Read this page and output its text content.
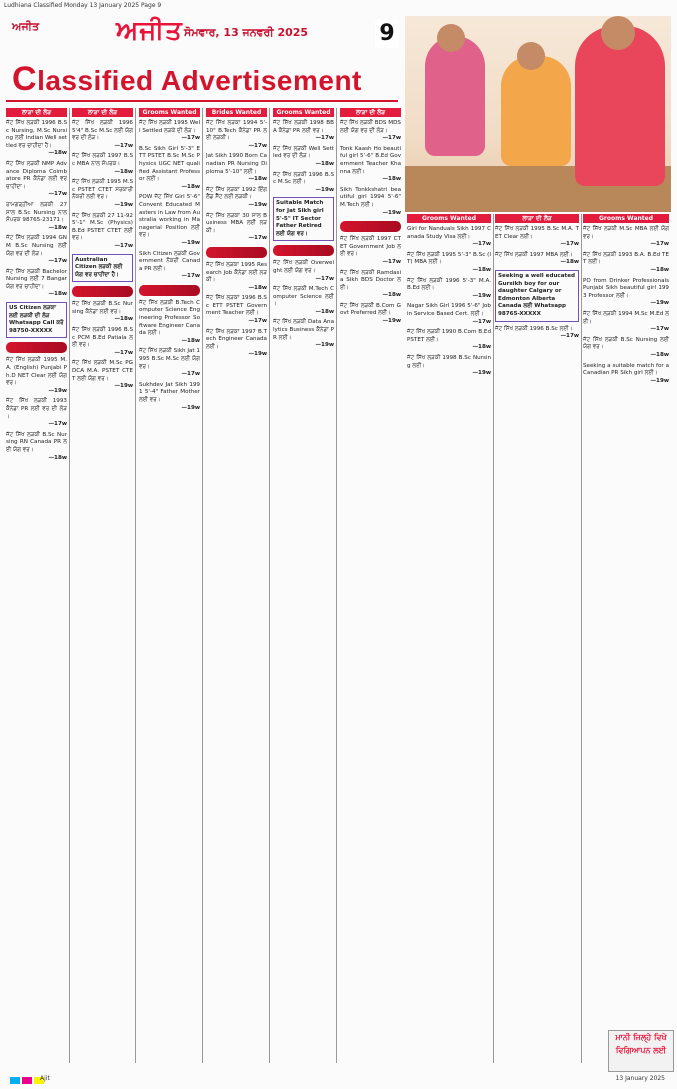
Ludhiana Classified Monday 13 January 2025 Page 9
ਅਜੀਤ	ਅਜੀਤ ਸੋਮਵਾਰ, 13 ਜਨਵਰੀ 2025	9
Classified Advertisement
ਲਾੜਾ ਦੀ ਲੋੜ
ਜੱਟ ਸਿੱਖ ਲੜਕੀ 1996 B.Sc Nursing, M.Sc Nursing ਲਈ Indian Well settled ਵਰ ਚਾਹੀਦਾ ਹੈ।
—18w
ਜੱਟ ਸਿੱਖ ਲੜਕੀ NMP Advance Diploma Coimbatore PR ਕੈਨੇਡਾ ਲਈ ਵਰ ਚਾਹੀਦਾ।
—17w
ਰਾਮਗੜ੍ਹੀਆ ਲੜਕੀ 27 ਸਾਲ B.Sc Nursing ਨਾਲ ਸੰਪਰਕ 98765-23171।
—18w
ਜੱਟ ਸਿੱਖ ਲੜਕੀ 1994 GNM B.Sc Nursing ਲਈ ਯੋਗ ਵਰ ਦੀ ਲੋੜ।
—17w
ਜੱਟ ਸਿੱਖ ਲੜਕੀ Bachelor Nursing ਲਈ 7 Bangar ਯੋਗ ਵਰ ਚਾਹੀਦਾ।
—18w
US Citizen ਲੜਕਾ ਲਈ ਲੜਕੀ ਦੀ ਲੋੜ Whatsapp Call ਕਰੋ 98750-XXXXX
ਜੱਟ ਸਿੱਖ ਲੜਕੀ 1995 M.A. (English) Punjabi Ph.D NET Clear ਲਈ ਯੋਗ ਵਰ।
—19w
ਜੱਟ ਸਿੱਖ ਲੜਕੀ 1993 ਕੈਨੇਡਾ PR ਲਈ ਵਰ ਦੀ ਲੋੜ।
—17w
ਜੱਟ ਸਿੱਖ ਲੜਕੀ B.Sc Nursing RN Canada PR ਲਈ ਯੋਗ ਵਰ।
—18w
ਲਾੜਾ ਦੀ ਲੋੜ
ਜੱਟ ਸਿੱਖ ਲੜਕੀ 1996 5'4" B.Sc M.Sc ਲਈ ਯੋਗ ਵਰ ਦੀ ਲੋੜ।
—17w
ਜੱਟ ਸਿੱਖ ਲੜਕੀ 1997 B.Sc MBA ਨਾਲ ਸੰਪਰਕ।
—18w
ਜੱਟ ਸਿੱਖ ਲੜਕੀ 1995 M.Sc PSTET CTET ਸਰਕਾਰੀ ਨੌਕਰੀ ਲਈ ਵਰ।
—19w
ਜੱਟ ਸਿੱਖ ਲੜਕੀ 27 11-92 5'-1" M.Sc (Physics) B.Ed PSTET CTET ਲਈ ਵਰ।
—17w
Australian Citizen ਲੜਕੀ ਲਈ ਯੋਗ ਵਰ ਚਾਹੀਦਾ ਹੈ।
ਜੱਟ ਸਿੱਖ ਲੜਕੀ B.Sc Nursing ਕੈਨੇਡਾ ਲਈ ਵਰ।
—18w
ਜੱਟ ਸਿੱਖ ਲੜਕੀ 1996 B.Sc PCM B.Ed Patiala ਲਈ ਵਰ।
—17w
ਜੱਟ ਸਿੱਖ ਲੜਕੀ M.Sc PGDCA M.A. PSTET CTET ਲਈ ਯੋਗ ਵਰ।
—19w
Grooms Wanted
ਜੱਟ ਸਿੱਖ ਲੜਕੀ 1995 Well Settled ਲੜਕੇ ਦੀ ਲੋੜ।
—17w
B.Sc Sikh Girl 5'-3" ETT PSTET B.Sc M.Sc Physics UGC NET qualified Assistant Professor ਲਈ।
—18w
POW ਜੱਟ ਸਿੱਖ Girl 5'-6" Convent Educated Masters in Law from Australia working in Managerial Position ਲਈ ਵਰ।
—19w
Sikh Citizen ਲੜਕੀ Government ਨੌਕਰੀ Canada PR ਲਈ।
—17w
ਜੱਟ ਸਿੱਖ ਲੜਕੀ B.Tech Computer Science Engineering Professor Software Engineer Canada ਲਈ।
—18w
ਜੱਟ ਸਿੱਖ ਲੜਕੀ Sikh Jat 1995 B.Sc M.Sc ਲਈ ਯੋਗ ਵਰ।
—17w
Sukhdev Jat Sikh 1991 5'-4" Father Mother ਲਈ ਵਰ।
—19w
Brides Wanted
ਜੱਟ ਸਿੱਖ ਲੜਕਾ 1994 5'-10" B.Tech ਕੈਨੇਡਾ PR ਲਈ ਲੜਕੀ।
—17w
Jat Sikh 1990 Born Canadian PR Nursing Diploma 5'-10" ਲਈ।
—18w
ਜੱਟ ਸਿੱਖ ਲੜਕਾ 1992 ਇੰਗਲੈਂਡ ਸੈੱਟ ਲਈ ਲੜਕੀ।
—19w
ਜੱਟ ਸਿੱਖ ਲੜਕਾ 30 ਸਾਲ Business MBA ਲਈ ਲੜਕੀ।
—17w
ਜੱਟ ਸਿੱਖ ਲੜਕਾ 1995 Research Job ਕੈਨੇਡਾ ਲਈ ਲੜਕੀ।
—18w
ਜੱਟ ਸਿੱਖ ਲੜਕਾ 1996 B.Sc ETT PSTET Government Teacher ਲਈ।
—17w
ਜੱਟ ਸਿੱਖ ਲੜਕਾ 1997 B.Tech Engineer Canada ਲਈ।
—19w
Grooms Wanted
ਜੱਟ ਸਿੱਖ ਲੜਕੀ 1998 BBA ਕੈਨੇਡਾ PR ਲਈ ਵਰ।
—17w
ਜੱਟ ਸਿੱਖ ਲੜਕੀ Well Settled ਵਰ ਦੀ ਲੋੜ।
—18w
ਜੱਟ ਸਿੱਖ ਲੜਕੀ 1996 B.Sc M.Sc ਲਈ।
—19w
Suitable Match for Jat Sikh girl 5'-5" IT Sector Father Retired ਲਈ ਯੋਗ ਵਰ।
ਜੱਟ ਸਿੱਖ ਲੜਕੀ Overweight ਲਈ ਯੋਗ ਵਰ।
—17w
ਜੱਟ ਸਿੱਖ ਲੜਕੀ M.Tech Computer Science ਲਈ।
—18w
ਜੱਟ ਸਿੱਖ ਲੜਕੀ Data Analytics Business ਕੈਨੇਡਾ PR ਲਈ।
—19w
ਲਾੜਾ ਦੀ ਲੋੜ
ਜੱਟ ਸਿੱਖ ਲੜਕੀ BDS MDS ਲਈ ਯੋਗ ਵਰ ਦੀ ਲੋੜ।
—17w
Tonk Kaash Ho beautiful girl 5'-6" B.Ed Government Teacher Khanna ਲਈ।
—18w
Sikh Tonkkshatri beautiful girl 1994 5'-6" M.Tech ਲਈ।
—19w
ਜੱਟ ਸਿੱਖ ਲੜਕੀ 1997 CTET Government Job ਲਈ ਵਰ।
—17w
ਜੱਟ ਸਿੱਖ ਲੜਕੀ Ramdasia Sikh BDS Doctor ਲਈ।
—18w
ਜੱਟ ਸਿੱਖ ਲੜਕੀ B.Com Govt Preferred ਲਈ।
—19w
Grooms Wanted
Girl for Nanduals Sikh 1997 Canada Study Visa ਲਈ।
—17w
ਜੱਟ ਸਿੱਖ ਲੜਕੀ 1995 5'-3" B.Sc (IT) MBA ਲਈ।
—18w
ਜੱਟ ਸਿੱਖ ਲੜਕੀ 1996 5'-3" M.A. B.Ed ਲਈ।
—19w
Nagar Sikh Girl 1996 5'-6" Job in Service Based Cert. ਲਈ।
—17w
ਜੱਟ ਸਿੱਖ ਲੜਕੀ 1990 B.Com B.Ed PSTET ਲਈ।
—18w
ਜੱਟ ਸਿੱਖ ਲੜਕੀ 1998 B.Sc Nursing ਲਈ।
—19w
ਲਾੜਾ ਦੀ ਲੋੜ
ਜੱਟ ਸਿੱਖ ਲੜਕੀ 1995 B.Sc M.A. TET Clear ਲਈ।
—17w
ਜੱਟ ਸਿੱਖ ਲੜਕੀ 1997 MBA ਲਈ।
—18w
Seeking a well educated Gursikh boy for our daughter Calgary or Edmonton Alberta Canada ਲਈ Whatsapp 98765-XXXXX
ਜੱਟ ਸਿੱਖ ਲੜਕੀ 1996 B.Sc ਲਈ।
—17w
Grooms Wanted
ਜੱਟ ਸਿੱਖ ਲੜਕੀ M.Sc MBA ਲਈ ਯੋਗ ਵਰ।
—17w
ਜੱਟ ਸਿੱਖ ਲੜਕੀ 1993 B.A. B.Ed TET ਲਈ।
—18w
PO from Drinker Professionals Punjabi Sikh beautiful girl 1993 Professor ਲਈ।
—19w
ਜੱਟ ਸਿੱਖ ਲੜਕੀ 1994 M.Sc M.Ed ਲਈ।
—17w
ਜੱਟ ਸਿੱਖ ਲੜਕੀ B.Sc Nursing ਲਈ ਯੋਗ ਵਰ।
—18w
Seeking a suitable match for a Canadian PR Sikh girl ਲਈ।
—19w
ਮਾਨੀ ਜਿਲ੍ਹੇ ਵਿਖੇ ਵਿਗਿਆਪਨ ਲਈ
Ajit	13 January 2025
